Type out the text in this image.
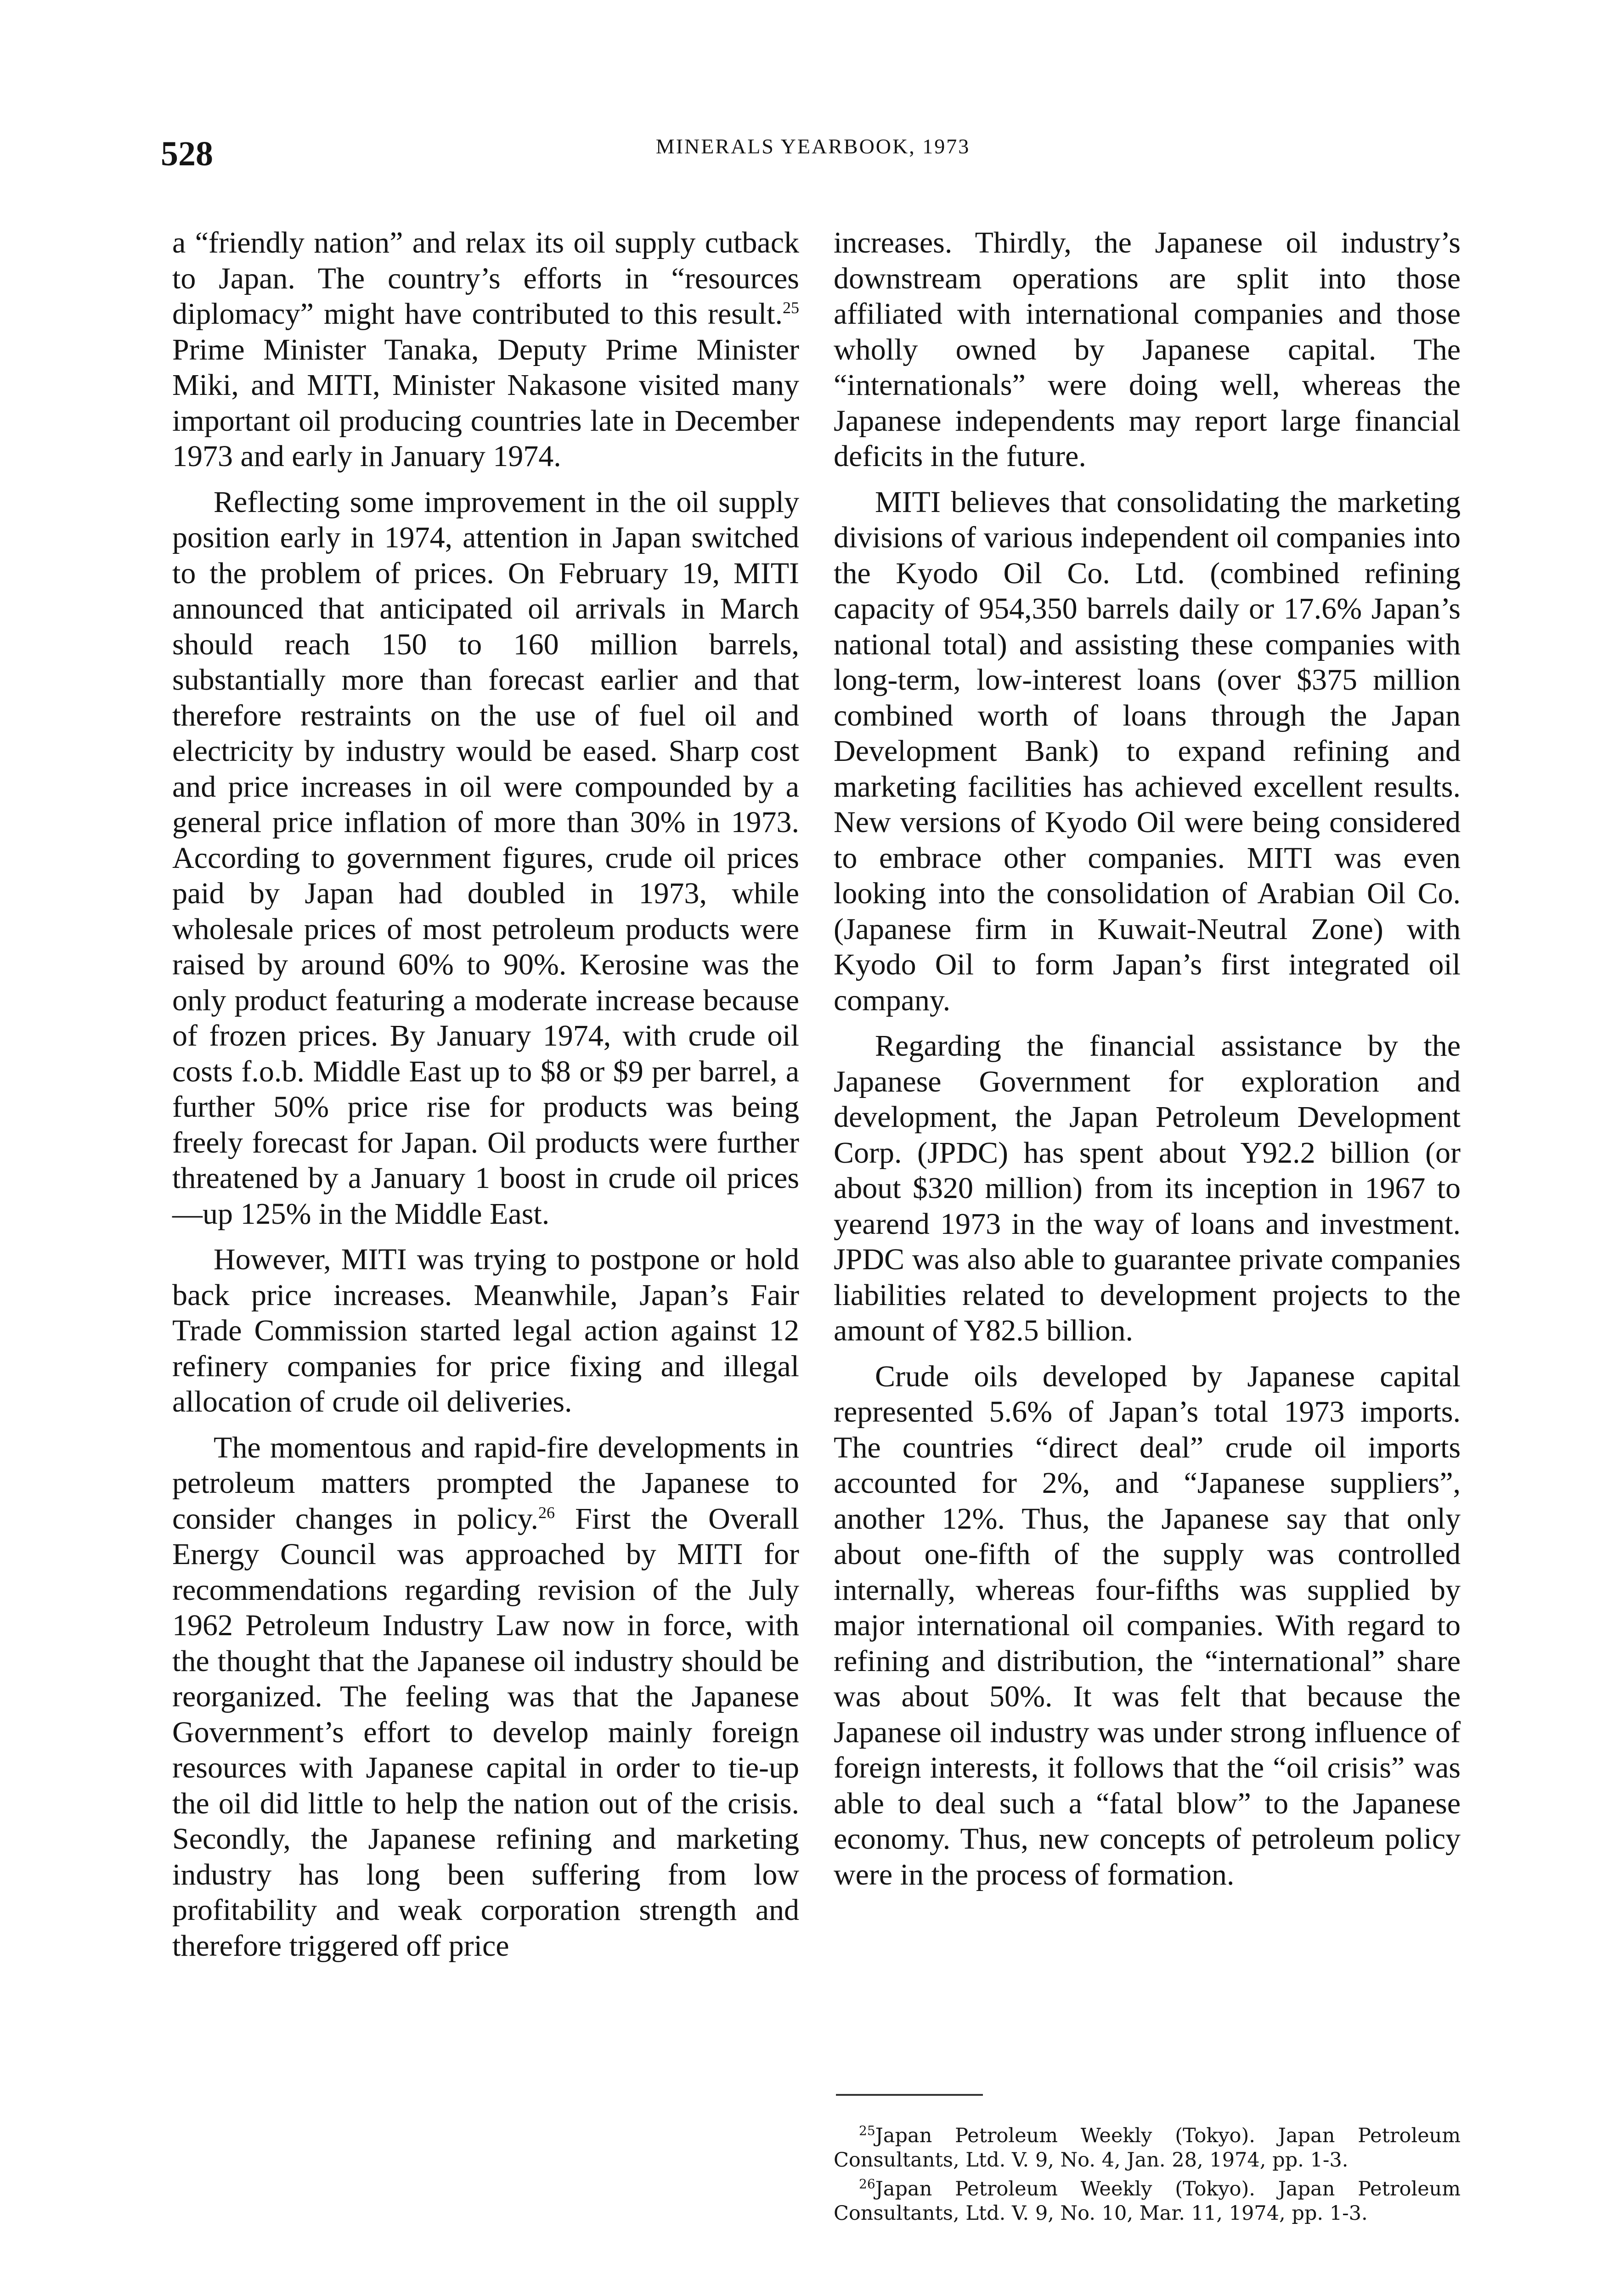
528	MINERALS YEARBOOK, 1973

a “friendly nation” and relax its oil supply cutback to Japan. The country’s efforts in “resources diplomacy” might have contributed to this result.$^{25}$ Prime Minister Tanaka, Deputy Prime Minister Miki, and MITI, Minister Nakasone visited many important oil producing countries late in December 1973 and early in January 1974.

Reflecting some improvement in the oil supply position early in 1974, attention in Japan switched to the problem of prices. On February 19, MITI announced that anticipated oil arrivals in March should reach 150 to 160 million barrels, substantially more than forecast earlier and that therefore restraints on the use of fuel oil and electricity by industry would be eased. Sharp cost and price increases in oil were compounded by a general price inflation of more than 30% in 1973. According to government figures, crude oil prices paid by Japan had doubled in 1973, while wholesale prices of most petroleum products were raised by around 60% to 90%. Kerosine was the only product featuring a moderate increase because of frozen prices. By January 1974, with crude oil costs f.o.b. Middle East up to $8 or $9 per barrel, a further 50% price rise for products was being freely forecast for Japan. Oil products were further threatened by a January 1 boost in crude oil prices—up 125% in the Middle East.

However, MITI was trying to postpone or hold back price increases. Meanwhile, Japan’s Fair Trade Commission started legal action against 12 refinery companies for price fixing and illegal allocation of crude oil deliveries.

The momentous and rapid-fire developments in petroleum matters prompted the Japanese to consider changes in policy.$^{26}$ First the Overall Energy Council was approached by MITI for recommendations regarding revision of the July 1962 Petroleum Industry Law now in force, with the thought that the Japanese oil industry should be reorganized. The feeling was that the Japanese Government’s effort to develop mainly foreign resources with Japanese capital in order to tie-up the oil did little to help the nation out of the crisis. Secondly, the Japanese refining and marketing industry has long been suffering from low profitability and weak corporation strength and therefore triggered off price

increases. Thirdly, the Japanese oil industry’s downstream operations are split into those affiliated with international companies and those wholly owned by Japanese capital. The “internationals” were doing well, whereas the Japanese independents may report large financial deficits in the future.

MITI believes that consolidating the marketing divisions of various independent oil companies into the Kyodo Oil Co. Ltd. (combined refining capacity of 954,350 barrels daily or 17.6% Japan’s national total) and assisting these companies with long-term, low-interest loans (over $375 million combined worth of loans through the Japan Development Bank) to expand refining and marketing facilities has achieved excellent results. New versions of Kyodo Oil were being considered to embrace other companies. MITI was even looking into the consolidation of Arabian Oil Co. (Japanese firm in Kuwait-Neutral Zone) with Kyodo Oil to form Japan’s first integrated oil company.

Regarding the financial assistance by the Japanese Government for exploration and development, the Japan Petroleum Development Corp. (JPDC) has spent about Y92.2 billion (or about $320 million) from its inception in 1967 to yearend 1973 in the way of loans and investment. JPDC was also able to guarantee private companies liabilities related to development projects to the amount of Y82.5 billion.

Crude oils developed by Japanese capital represented 5.6% of Japan’s total 1973 imports. The countries “direct deal” crude oil imports accounted for 2%, and “Japanese suppliers”, another 12%. Thus, the Japanese say that only about one-fifth of the supply was controlled internally, whereas four-fifths was supplied by major international oil companies. With regard to refining and distribution, the “international” share was about 50%. It was felt that because the Japanese oil industry was under strong influence of foreign interests, it follows that the “oil crisis” was able to deal such a “fatal blow” to the Japanese economy. Thus, new concepts of petroleum policy were in the process of formation.

$^{25}$Japan Petroleum Weekly (Tokyo). Japan Petroleum Consultants, Ltd. V. 9, No. 4, Jan. 28, 1974, pp. 1-3.

$^{26}$Japan Petroleum Weekly (Tokyo). Japan Petroleum Consultants, Ltd. V. 9, No. 10, Mar. 11, 1974, pp. 1-3.
